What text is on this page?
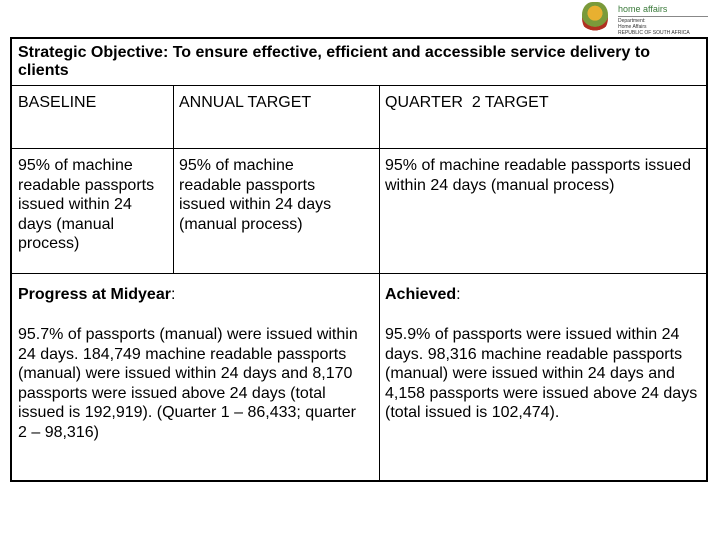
home affairs
Department:
Home Affairs
REPUBLIC OF SOUTH AFRICA
Strategic Objective: To ensure effective, efficient and accessible service delivery to clients
BASELINE	ANNUAL TARGET	QUARTER  2 TARGET
95% of machine readable passports issued within 24 days (manual process)
95% of machine readable passports issued within 24 days (manual process)
95% of machine readable passports issued within 24 days (manual process)
Progress at Midyear:
95.7% of passports (manual) were issued within 24 days. 184,749 machine readable passports (manual) were issued within 24 days and 8,170 passports were issued above 24 days (total issued is 192,919). (Quarter 1 – 86,433; quarter 2 – 98,316)
Achieved:
95.9% of passports were issued within 24 days. 98,316 machine readable passports (manual) were issued within 24 days and 4,158 passports were issued above 24 days (total issued is 102,474).
